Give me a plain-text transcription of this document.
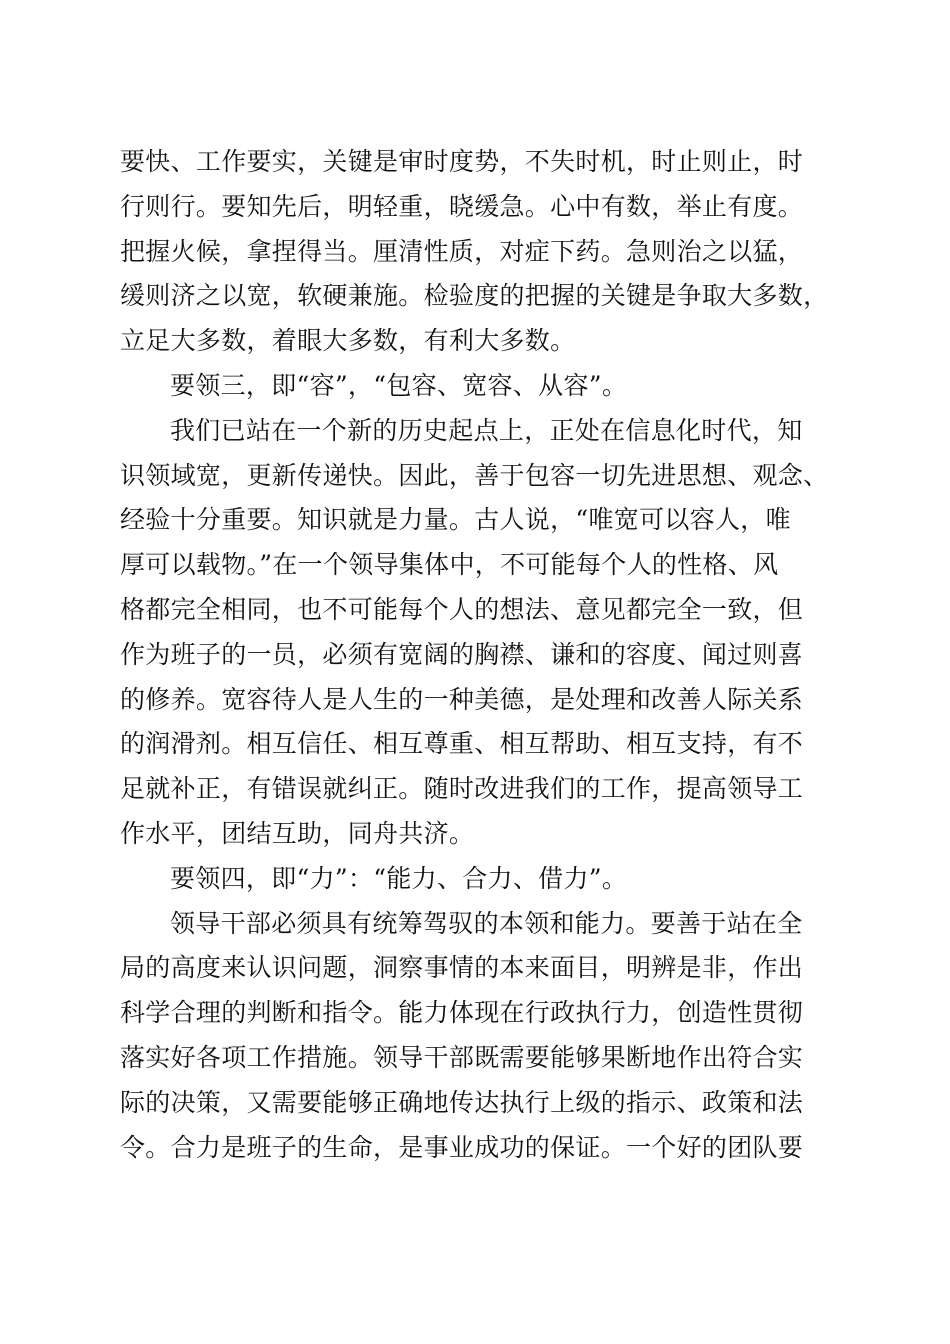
要快、工作要实，关键是审时度势，不失时机，时止则止，时
行则行。要知先后，明轻重，晓缓急。心中有数，举止有度。
把握火候，拿捏得当。厘清性质，对症下药。急则治之以猛，
缓则济之以宽，软硬兼施。检验度的把握的关键是争取大多数，
立足大多数，着眼大多数，有利大多数。
要领三，即“容”，“包容、宽容、从容”。
我们已站在一个新的历史起点上，正处在信息化时代，知
识领域宽，更新传递快。因此，善于包容一切先进思想、观念、
经验十分重要。知识就是力量。古人说，“唯宽可以容人，唯
厚可以载物。”在一个领导集体中，不可能每个人的性格、风
格都完全相同，也不可能每个人的想法、意见都完全一致，但
作为班子的一员，必须有宽阔的胸襟、谦和的容度、闻过则喜
的修养。宽容待人是人生的一种美德，是处理和改善人际关系
的润滑剂。相互信任、相互尊重、相互帮助、相互支持，有不
足就补正，有错误就纠正。随时改进我们的工作，提高领导工
作水平，团结互助，同舟共济。
要领四，即“力”：“能力、合力、借力”。
领导干部必须具有统筹驾驭的本领和能力。要善于站在全
局的高度来认识问题，洞察事情的本来面目，明辨是非，作出
科学合理的判断和指令。能力体现在行政执行力，创造性贯彻
落实好各项工作措施。领导干部既需要能够果断地作出符合实
际的决策，又需要能够正确地传达执行上级的指示、政策和法
令。合力是班子的生命，是事业成功的保证。一个好的团队要
